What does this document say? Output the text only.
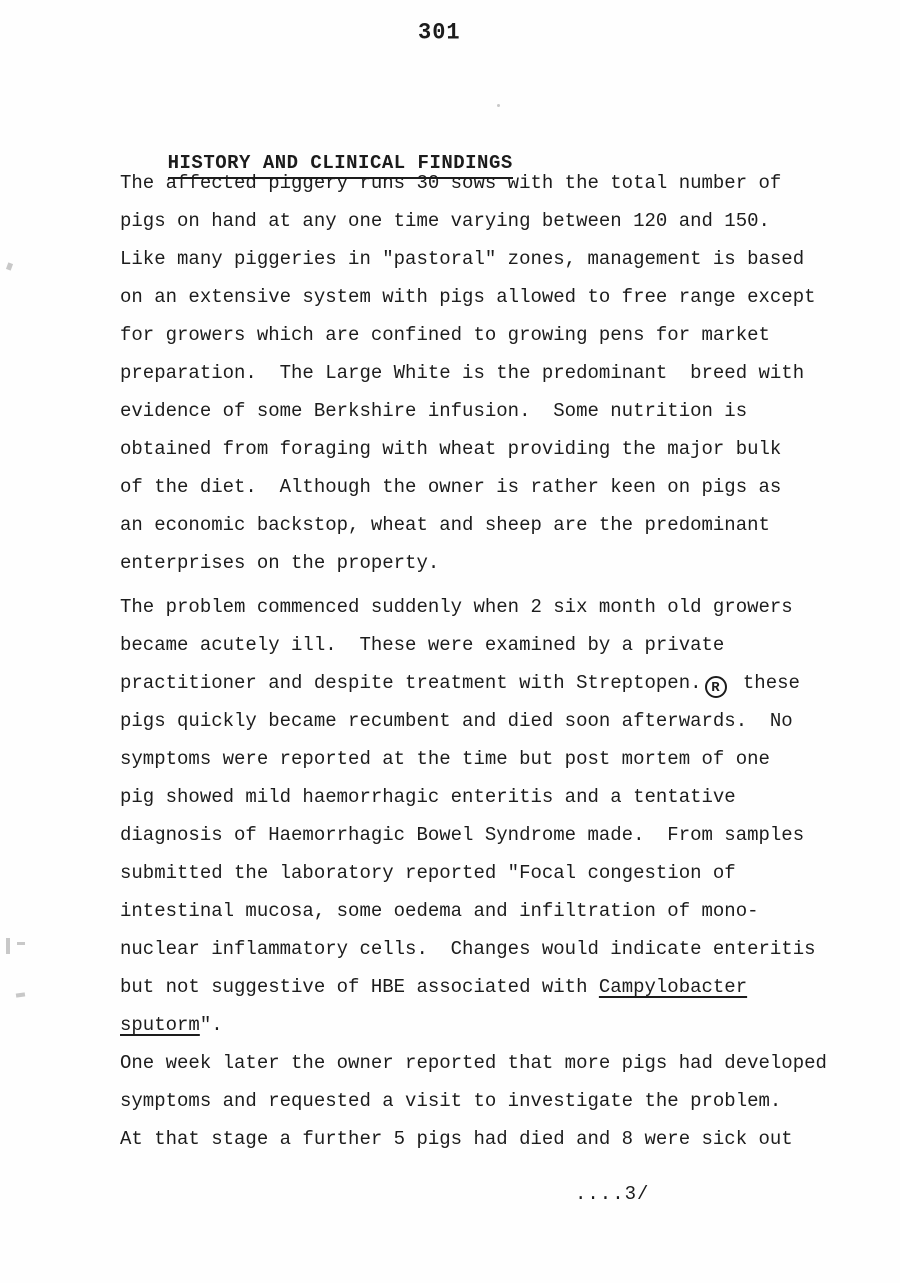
301

HISTORY AND CLINICAL FINDINGS

The affected piggery runs 30 sows with the total number of
pigs on hand at any one time varying between 120 and 150.
Like many piggeries in "pastoral" zones, management is based
on an extensive system with pigs allowed to free range except
for growers which are confined to growing pens for market
preparation.  The Large White is the predominant  breed with
evidence of some Berkshire infusion.  Some nutrition is
obtained from foraging with wheat providing the major bulk
of the diet.  Although the owner is rather keen on pigs as
an economic backstop, wheat and sheep are the predominant
enterprises on the property.
The problem commenced suddenly when 2 six month old growers
became acutely ill.  These were examined by a private
practitioner and despite treatment with Streptopen. R these
pigs quickly became recumbent and died soon afterwards.  No
symptoms were reported at the time but post mortem of one
pig showed mild haemorrhagic enteritis and a tentative
diagnosis of Haemorrhagic Bowel Syndrome made.  From samples
submitted the laboratory reported "Focal congestion of
intestinal mucosa, some oedema and infiltration of mono-
nuclear inflammatory cells.  Changes would indicate enteritis
but not suggestive of HBE associated with Campylobacter
sputorm".
One week later the owner reported that more pigs had developed
symptoms and requested a visit to investigate the problem.
At that stage a further 5 pigs had died and 8 were sick out
....3/
